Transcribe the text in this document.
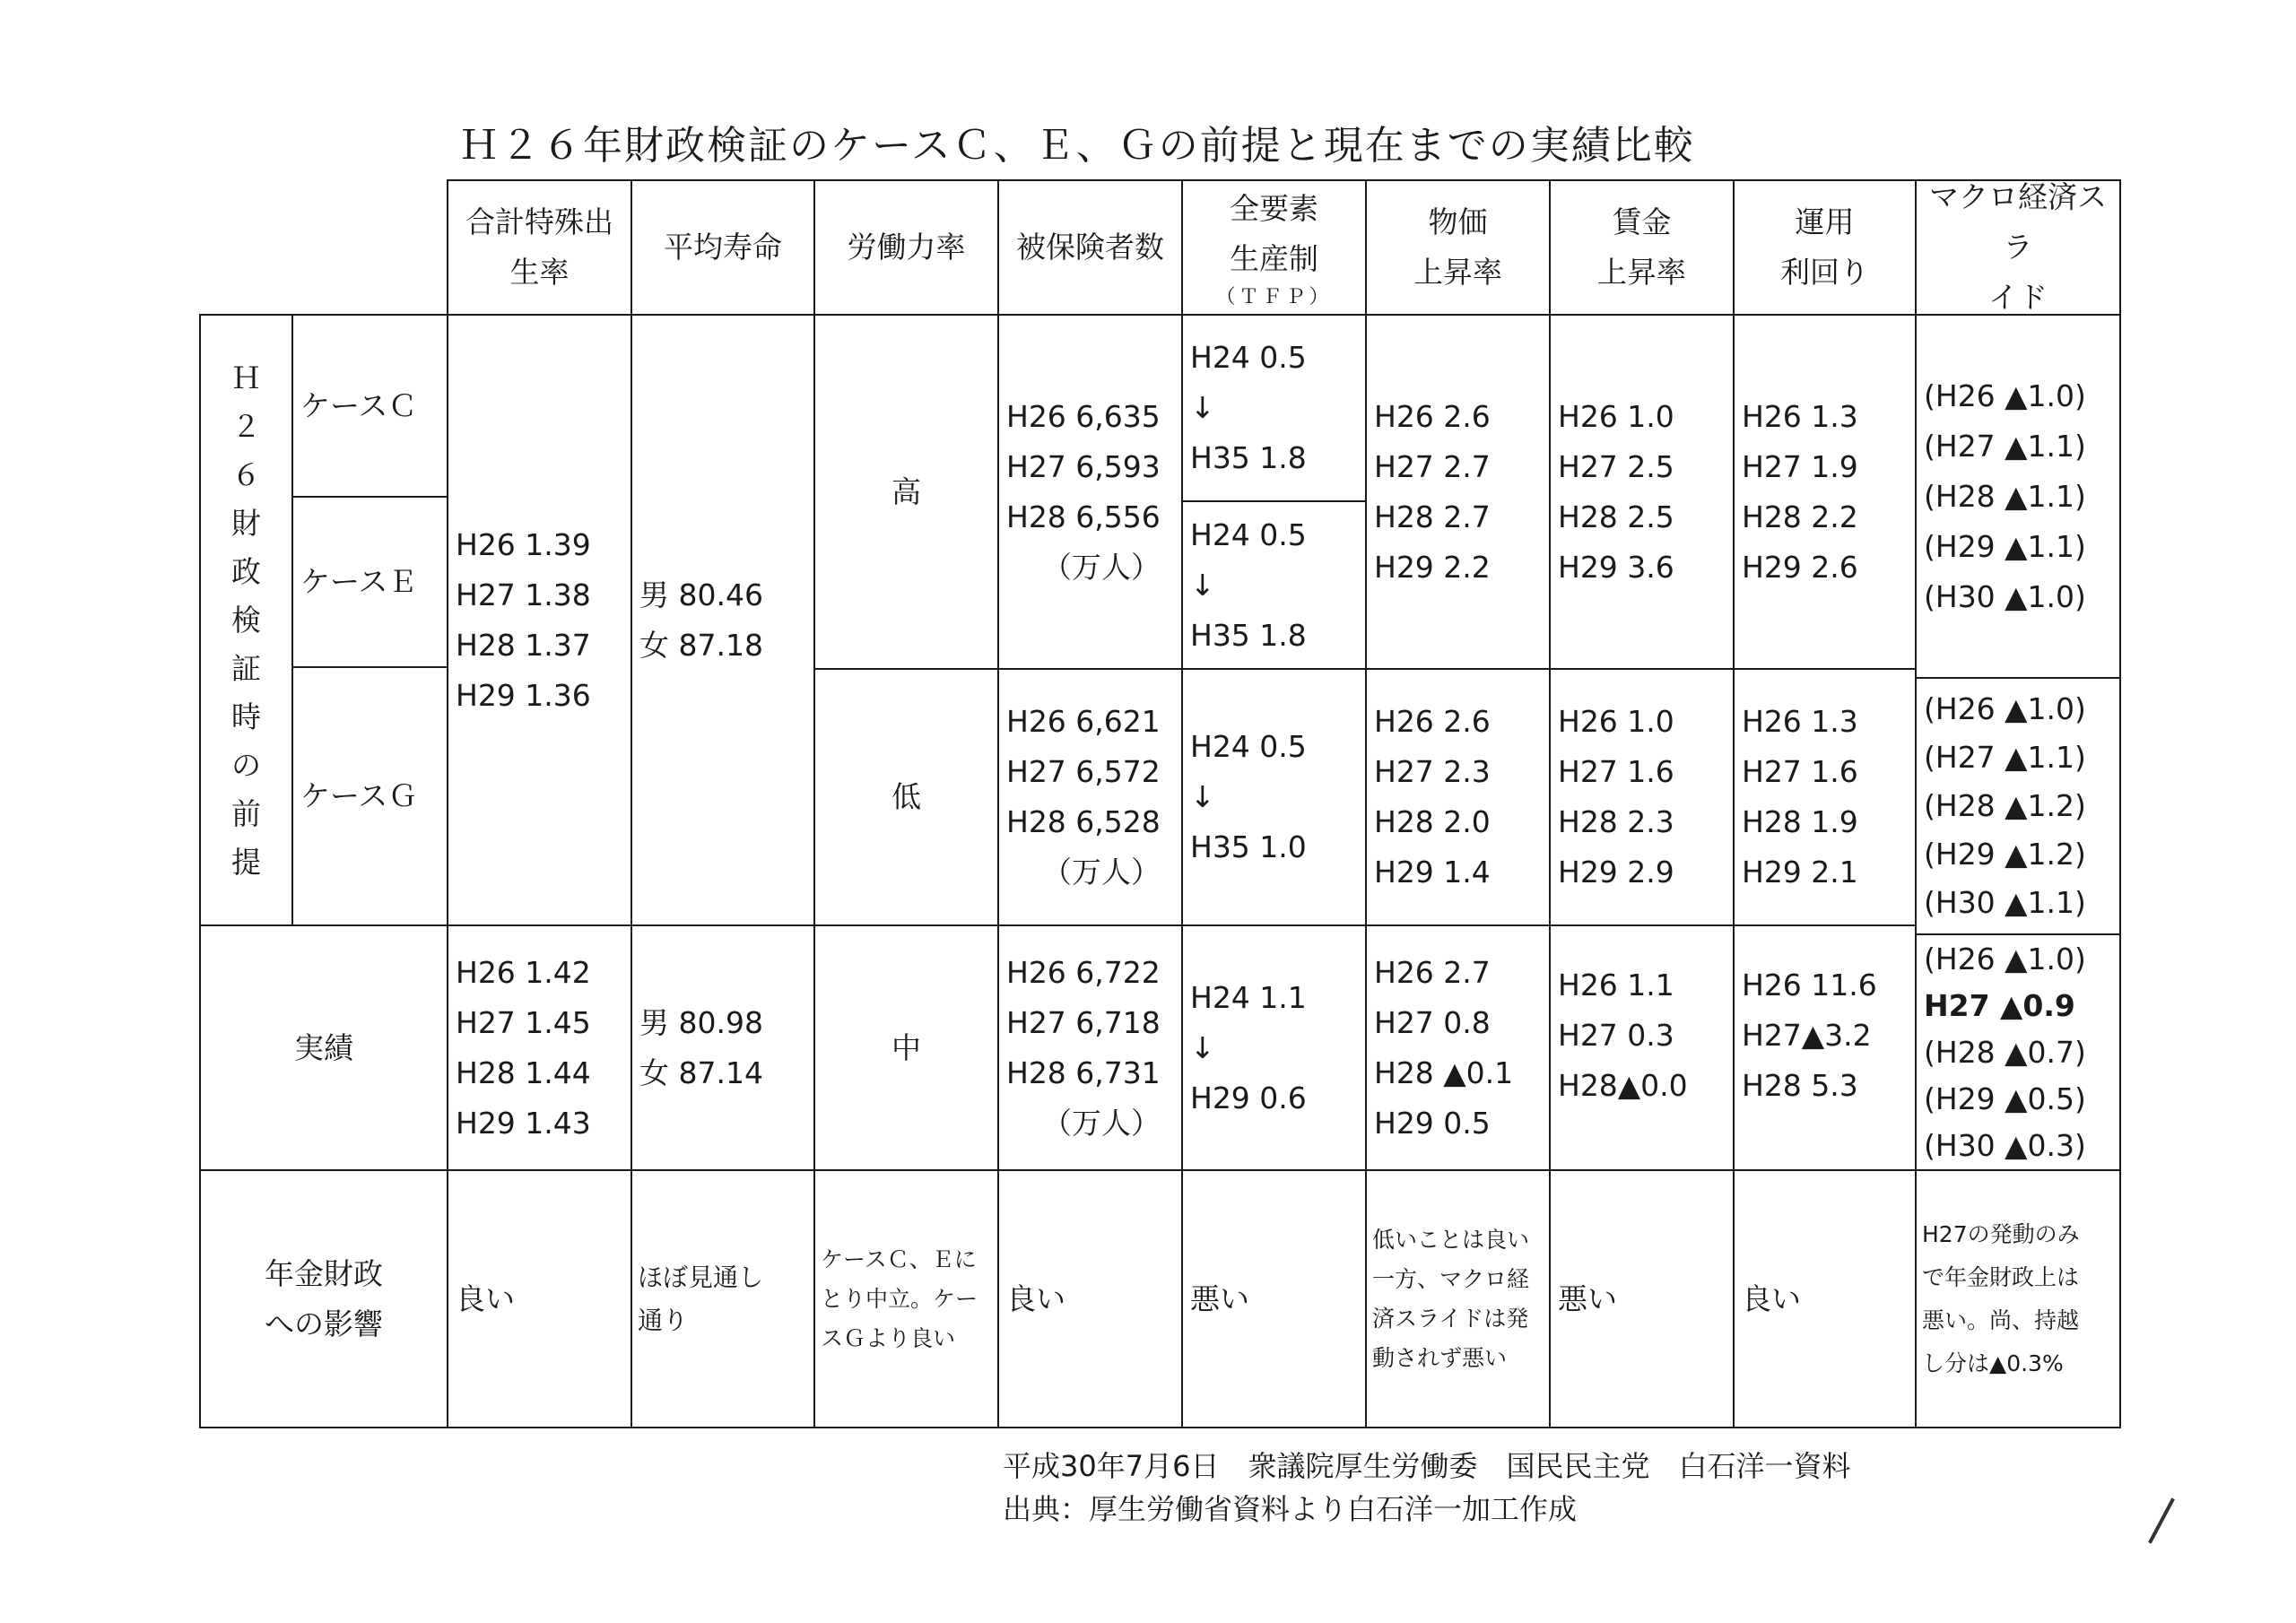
Ｈ２６年財政検証のケースＣ、Ｅ、Ｇの前提と現在までの実績比較
合計特殊出
生率
平均寿命 労働力率 被保険者数
全要素
生産制
（ＴＦＰ）
物価
上昇率
賃金
上昇率
運用
利回り
マクロ経済スラ
イド
Ｈ
２
６
財
政
検
証
時
の
前
提
ケースＣ
ケースＥ
ケースＧ
H26 1.39
H27 1.38
H28 1.37
H29 1.36
男 80.46
女 87.18
高
低
H26 6,635
H27 6,593
H28 6,556
（万人）
H26 6,621
H27 6,572
H28 6,528
（万人）
H24 0.5
↓
H35 1.8
H24 0.5
↓
H35 1.8
H24 0.5
↓
H35 1.0
H26 2.6
H27 2.7
H28 2.7
H29 2.2
H26 2.6
H27 2.3
H28 2.0
H29 1.4
H26 1.0
H27 2.5
H28 2.5
H29 3.6
H26 1.0
H27 1.6
H28 2.3
H29 2.9
H26 1.3
H27 1.9
H28 2.2
H29 2.6
H26 1.3
H27 1.6
H28 1.9
H29 2.1
(H26 ▲1.0)
(H27 ▲1.1)
(H28 ▲1.1)
(H29 ▲1.1)
(H30 ▲1.0)
(H26 ▲1.0)
(H27 ▲1.1)
(H28 ▲1.2)
(H29 ▲1.2)
(H30 ▲1.1)
実績
H26 1.42
H27 1.45
H28 1.44
H29 1.43
男 80.98
女 87.14
中
H26 6,722
H27 6,718
H28 6,731
（万人）
H24 1.1
↓
H29 0.6
H26 2.7
H27 0.8
H28 ▲0.1
H29 0.5
H26 1.1
H27 0.3
H28▲0.0
H26 11.6
H27▲3.2
H28 5.3
(H26 ▲1.0)
H27 ▲0.9
(H28 ▲0.7)
(H29 ▲0.5)
(H30 ▲0.3)
年金財政
への影響
良い
ほぼ見通し
通り
ケースＣ、Ｅに
とり中立。ケー
スＧより良い
良い	悪い
低いことは良い
一方、マクロ経
済スライドは発
動されず悪い
悪い	良い
H27の発動のみ
で年金財政上は
悪い。尚、持越
し分は▲0.3%
平成30年7月6日　衆議院厚生労働委　国民民主党　白石洋一資料
出典：厚生労働省資料より白石洋一加工作成
